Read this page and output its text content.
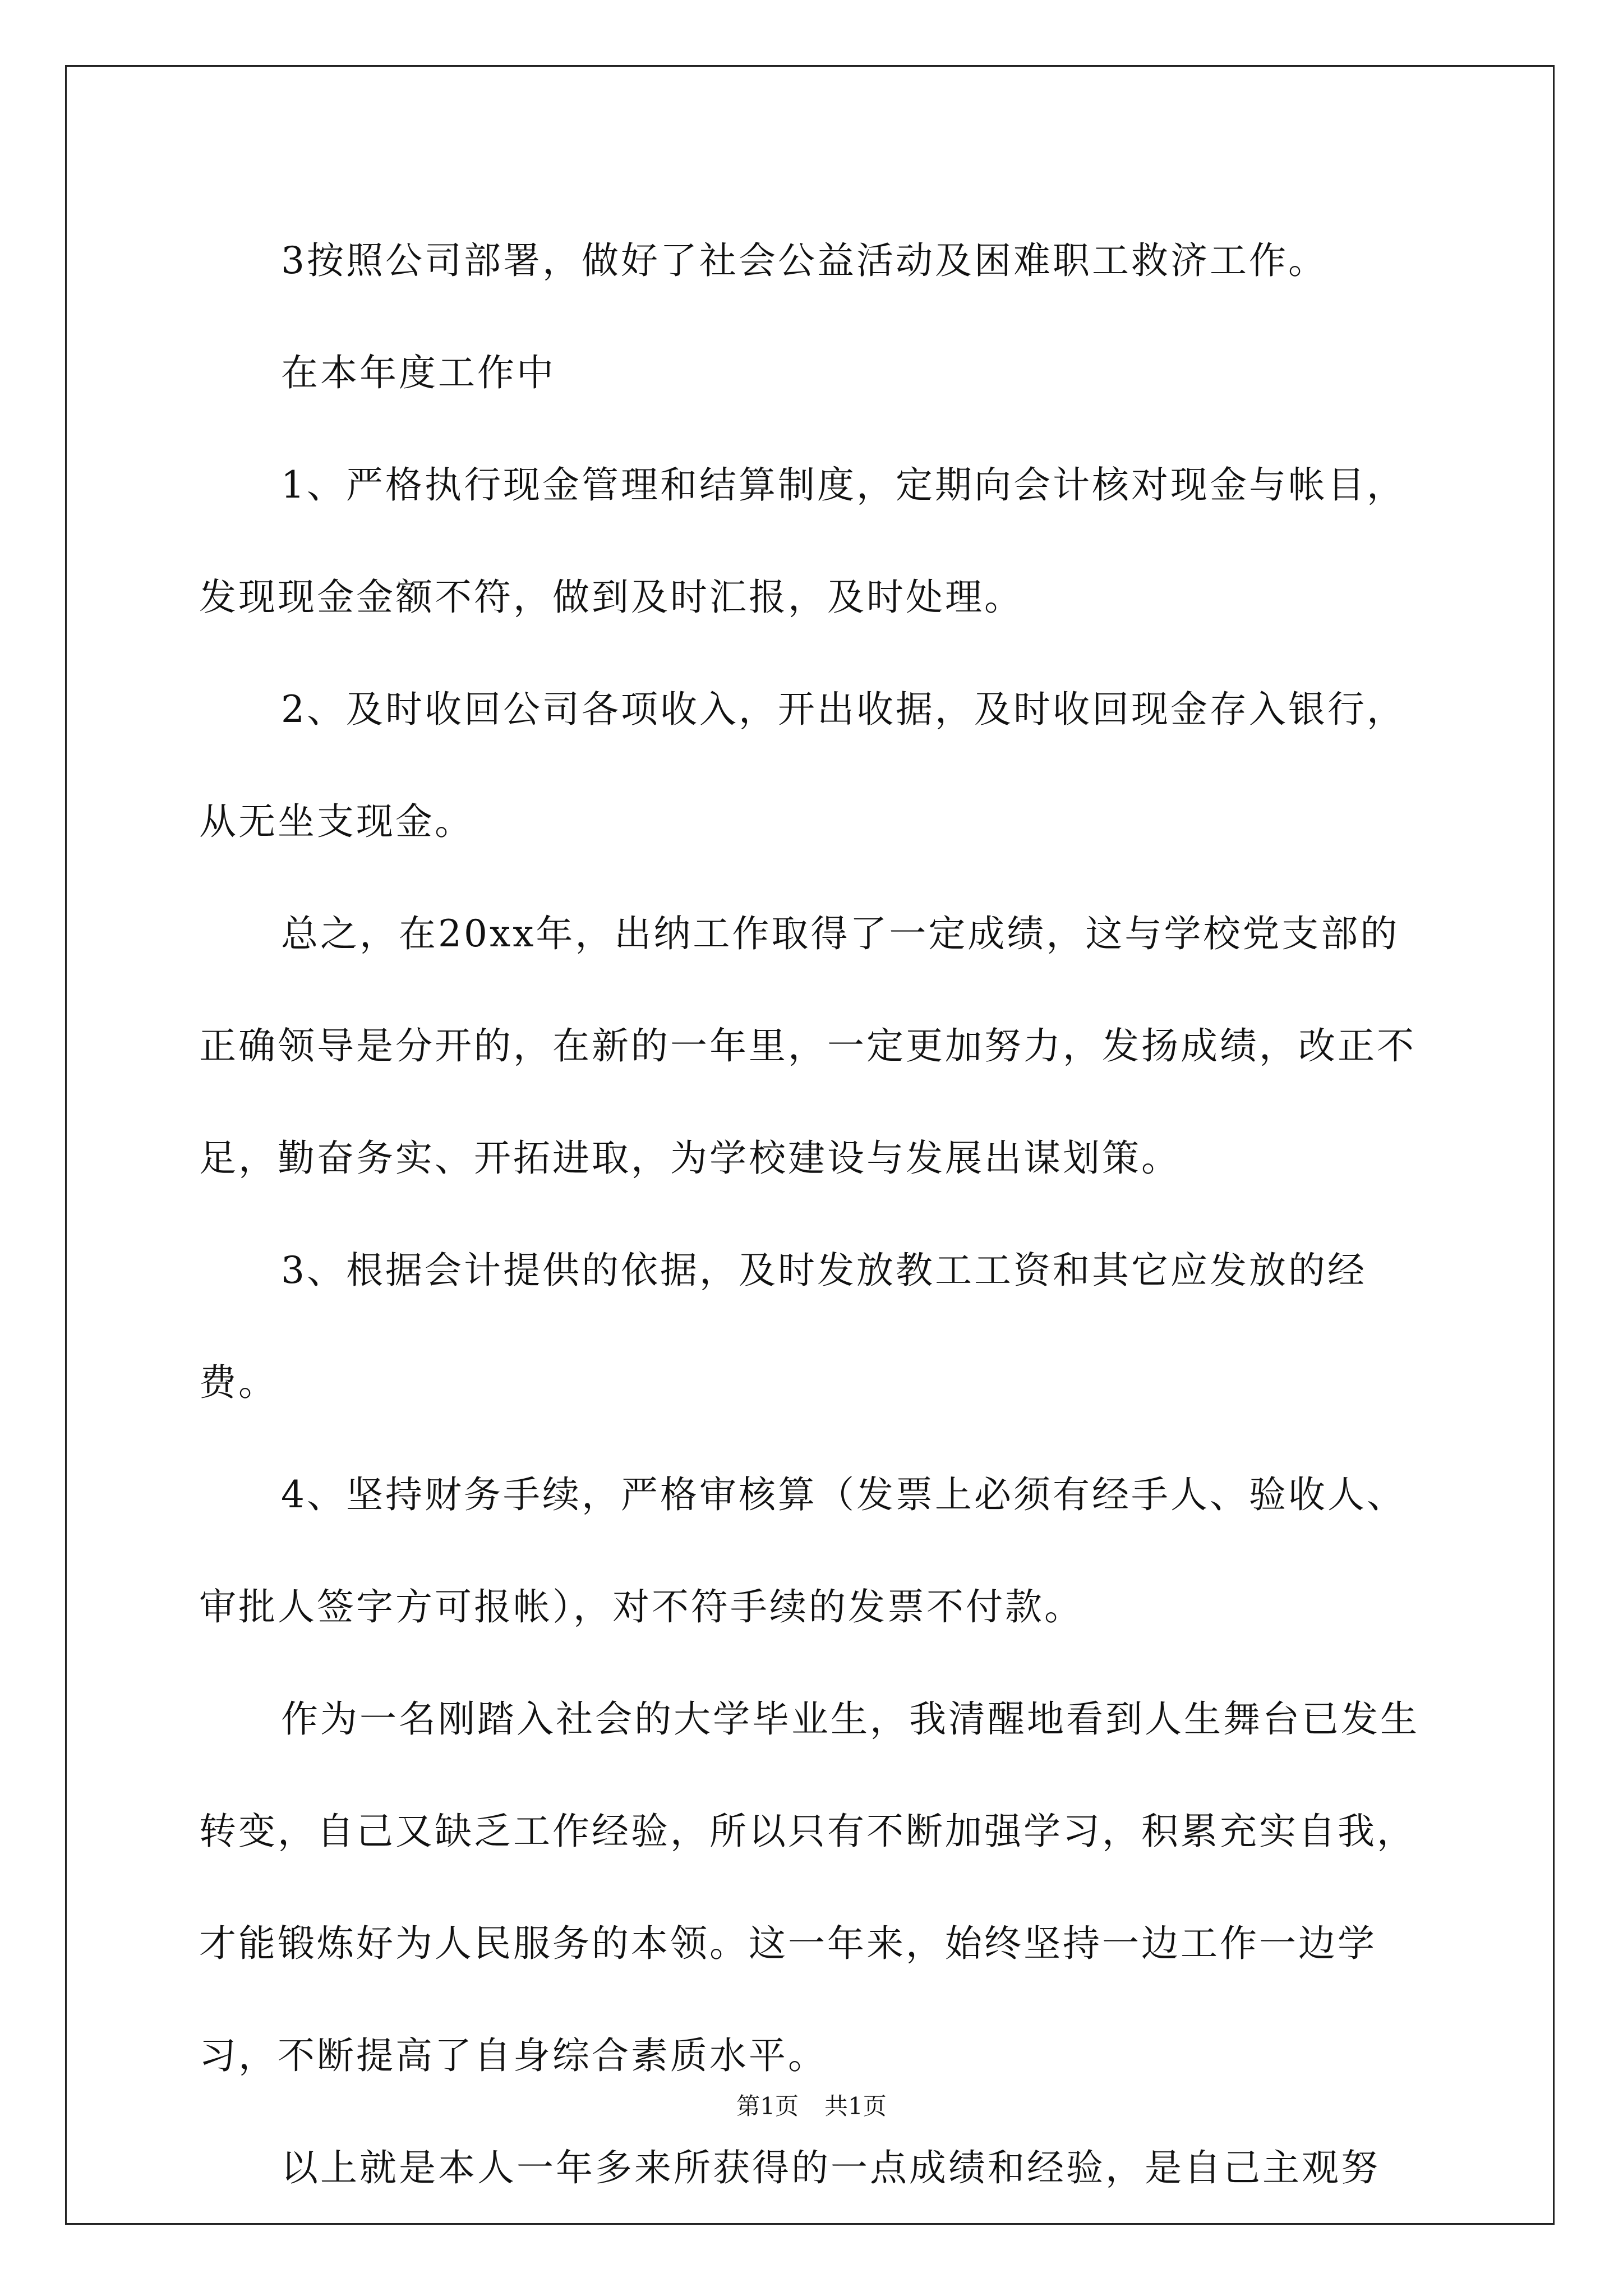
3按照公司部署，做好了社会公益活动及困难职工救济工作。

在本年度工作中

1、严格执行现金管理和结算制度，定期向会计核对现金与帐目，发现现金金额不符，做到及时汇报，及时处理。

2、及时收回公司各项收入，开出收据，及时收回现金存入银行，从无坐支现金。

总之，在20xx年，出纳工作取得了一定成绩，这与学校党支部的正确领导是分开的，在新的一年里，一定更加努力，发扬成绩，改正不足，勤奋务实、开拓进取，为学校建设与发展出谋划策。

3、根据会计提供的依据，及时发放教工工资和其它应发放的经费。

4、坚持财务手续，严格审核算（发票上必须有经手人、验收人、审批人签字方可报帐），对不符手续的发票不付款。

作为一名刚踏入社会的大学毕业生，我清醒地看到人生舞台已发生转变，自己又缺乏工作经验，所以只有不断加强学习，积累充实自我，才能锻炼好为人民服务的本领。这一年来，始终坚持一边工作一边学习，不断提高了自身综合素质水平。

以上就是本人一年多来所获得的一点成绩和经验，是自己主观努

第1页 共1页
